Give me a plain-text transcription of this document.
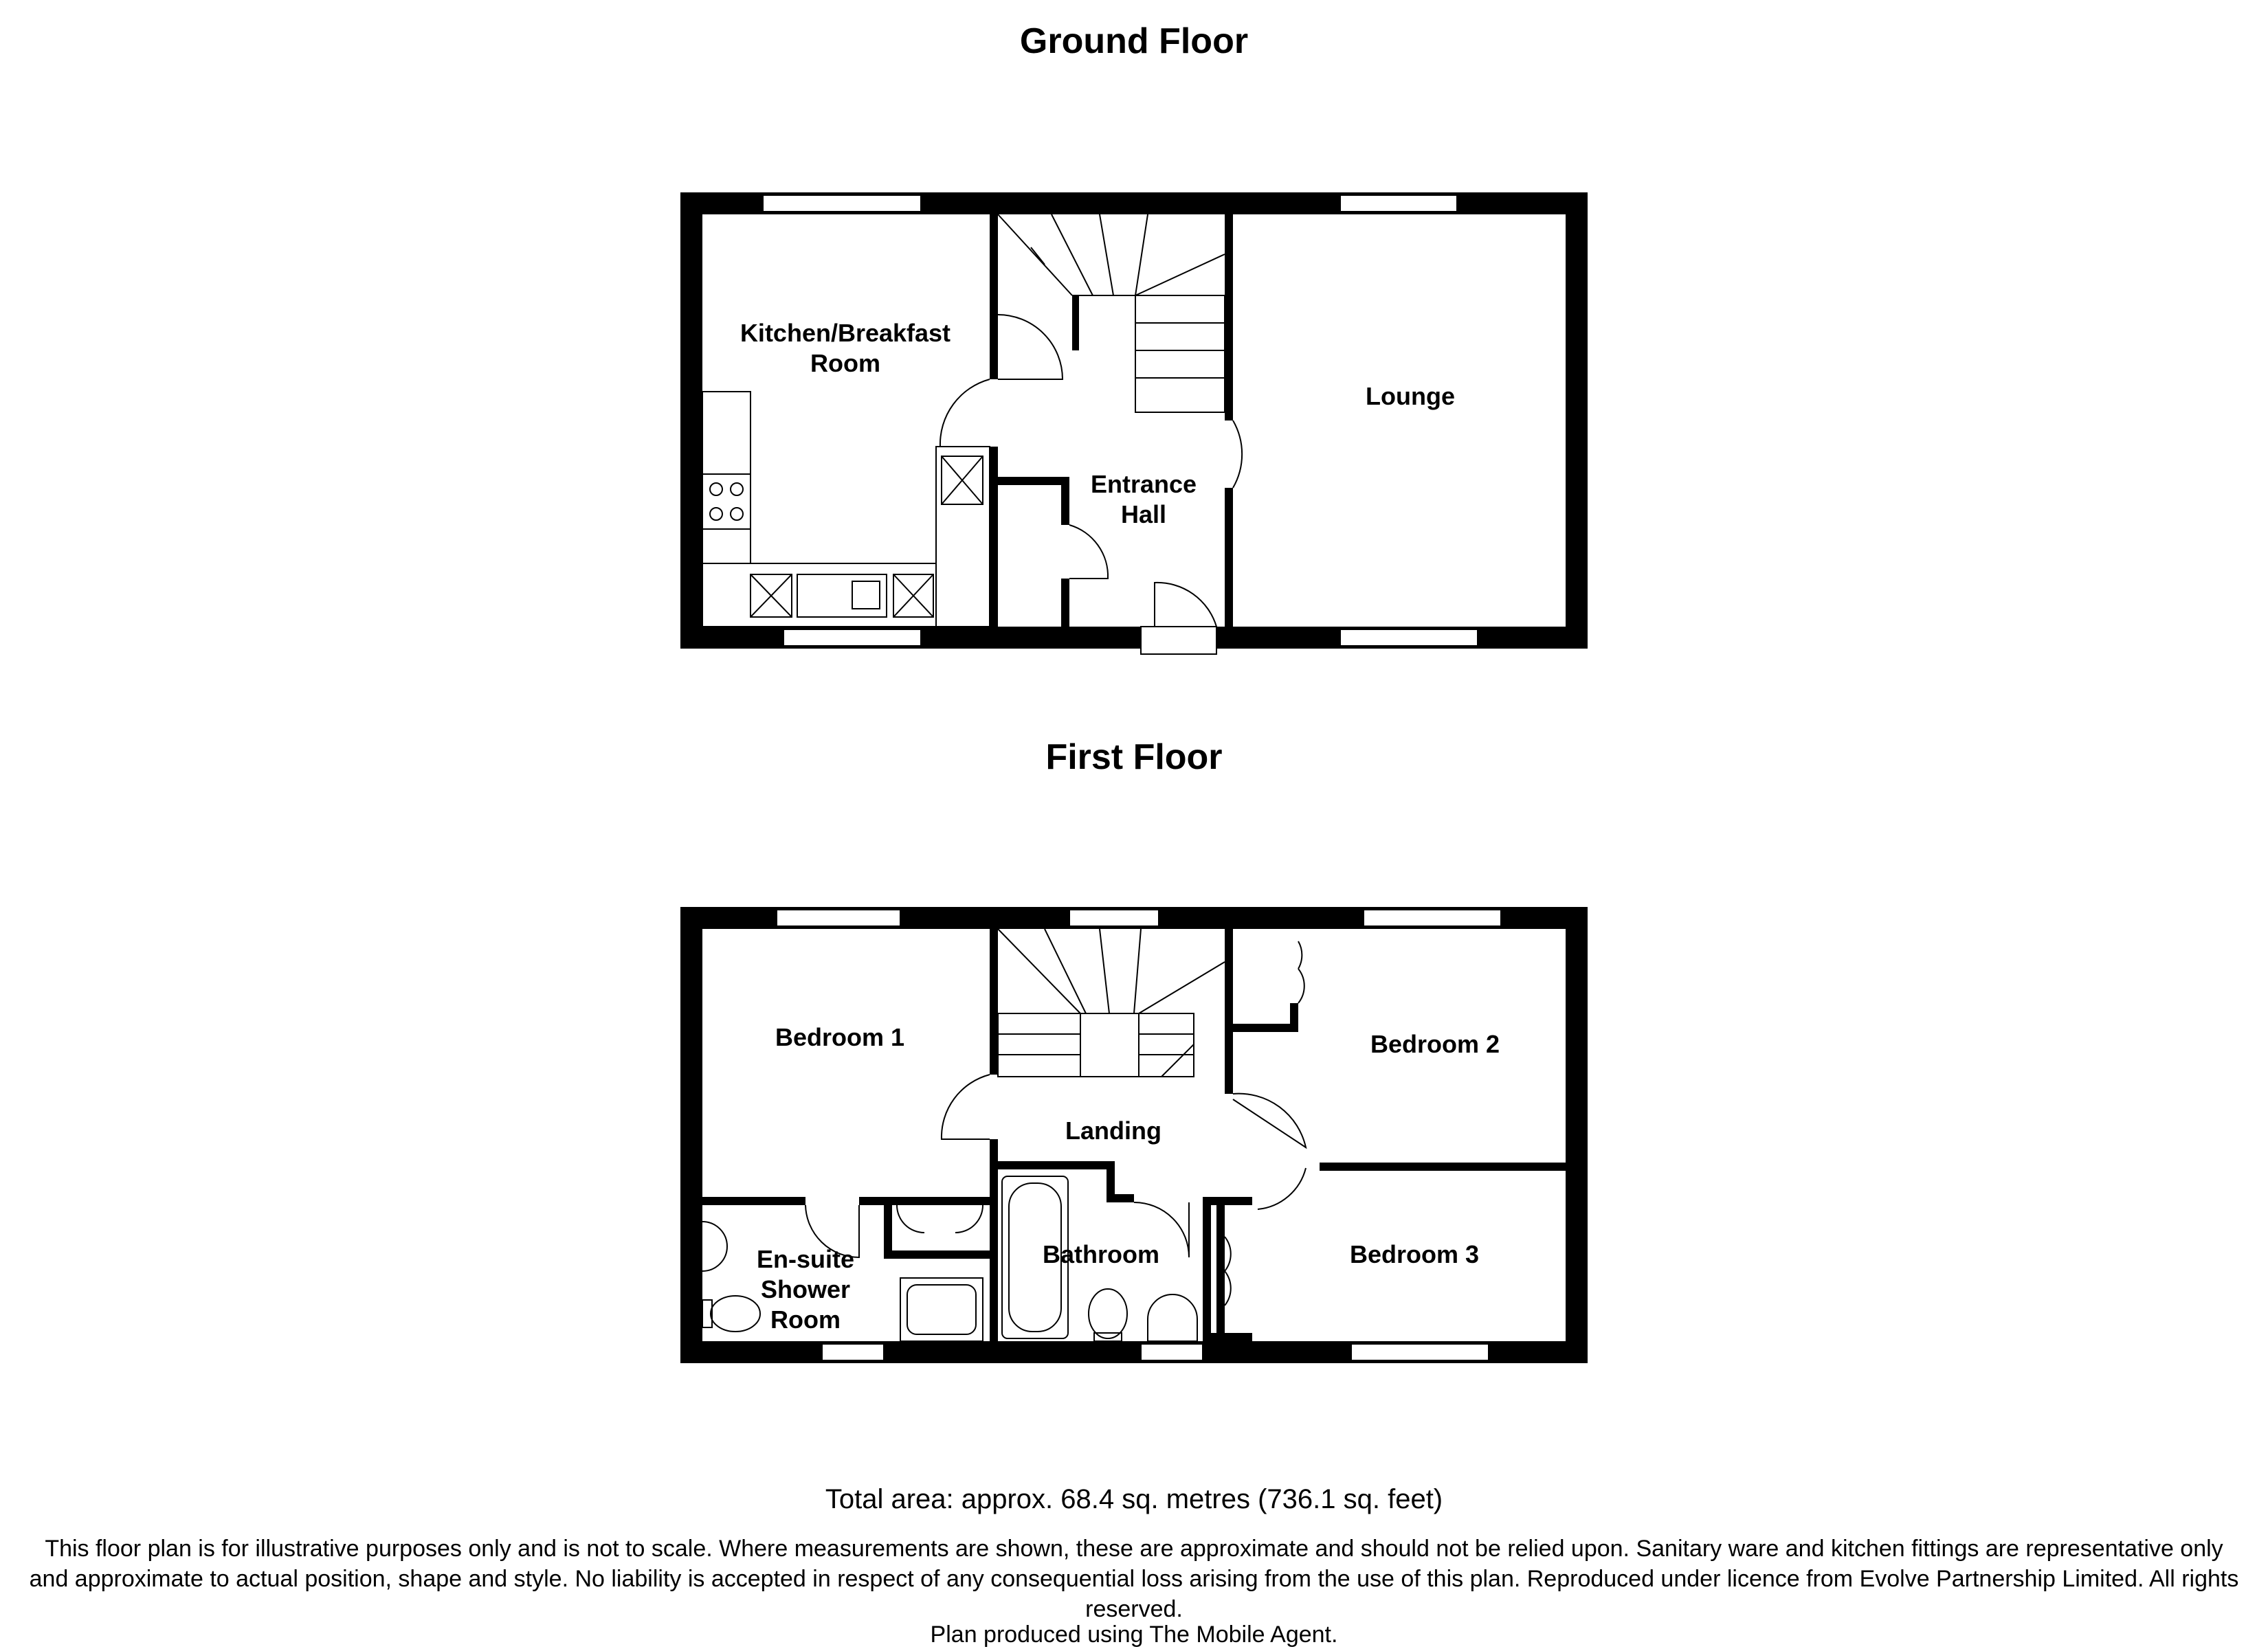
Ground Floor
First Floor
Kitchen/Breakfast
Room
Lounge
Entrance
Hall
Bedroom 1	Bedroom 2
Bedroom 3
Landing
Bathroom
En-suite
Shower
Room
Total area: approx. 68.4 sq. metres (736.1 sq. feet)
This floor plan is for illustrative purposes only and is not to scale. Where measurements are shown, these are approximate and should not be relied upon. Sanitary ware and kitchen fittings are representative only and approximate to actual position, shape and style. No liability is accepted in respect of any consequential loss arising from the use of this plan. Reproduced under licence from Evolve Partnership Limited. All rights reserved.
Plan produced using The Mobile Agent.
